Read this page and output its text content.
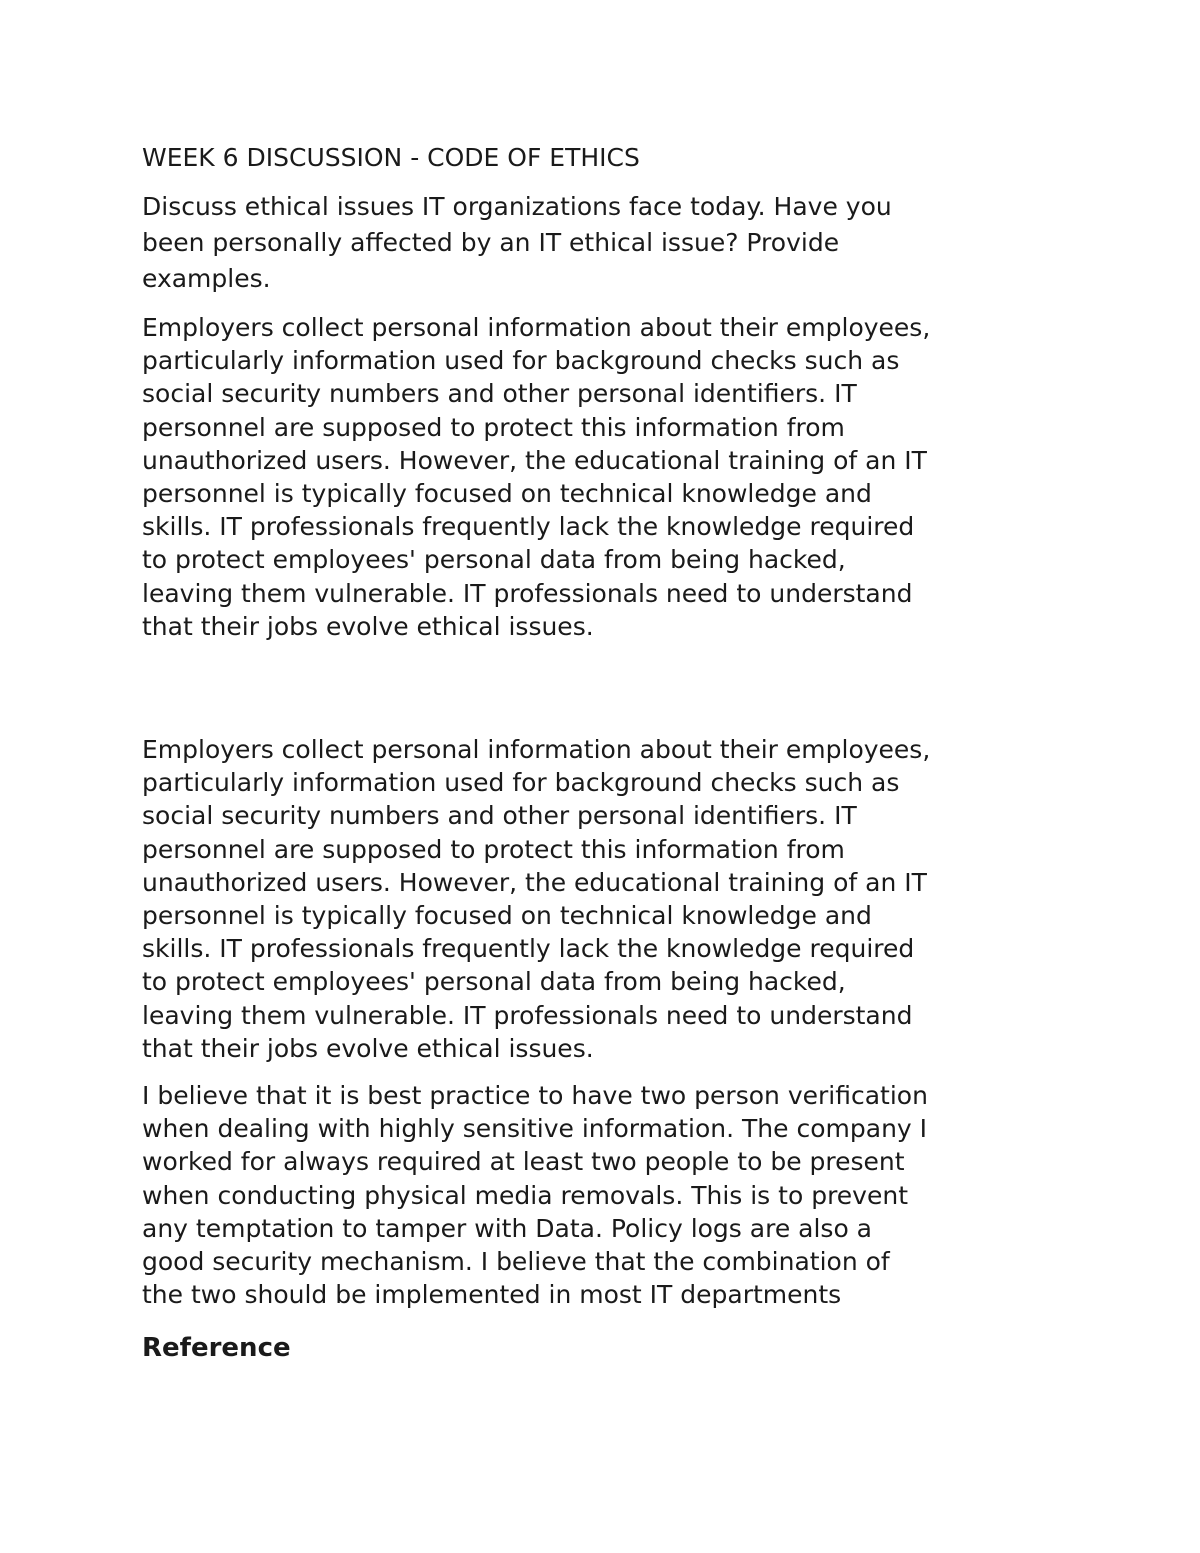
WEEK 6 DISCUSSION - CODE OF ETHICS

Discuss ethical issues IT organizations face today. Have you
been personally affected by an IT ethical issue? Provide
examples.

Employers collect personal information about their employees,
particularly information used for background checks such as
social security numbers and other personal identifiers. IT
personnel are supposed to protect this information from
unauthorized users. However, the educational training of an IT
personnel is typically focused on technical knowledge and
skills. IT professionals frequently lack the knowledge required
to protect employees' personal data from being hacked,
leaving them vulnerable. IT professionals need to understand
that their jobs evolve ethical issues.

Employers collect personal information about their employees,
particularly information used for background checks such as
social security numbers and other personal identifiers. IT
personnel are supposed to protect this information from
unauthorized users. However, the educational training of an IT
personnel is typically focused on technical knowledge and
skills. IT professionals frequently lack the knowledge required
to protect employees' personal data from being hacked,
leaving them vulnerable. IT professionals need to understand
that their jobs evolve ethical issues.

I believe that it is best practice to have two person verification
when dealing with highly sensitive information. The company I
worked for always required at least two people to be present
when conducting physical media removals. This is to prevent
any temptation to tamper with Data. Policy logs are also a
good security mechanism. I believe that the combination of
the two should be implemented in most IT departments

Reference
